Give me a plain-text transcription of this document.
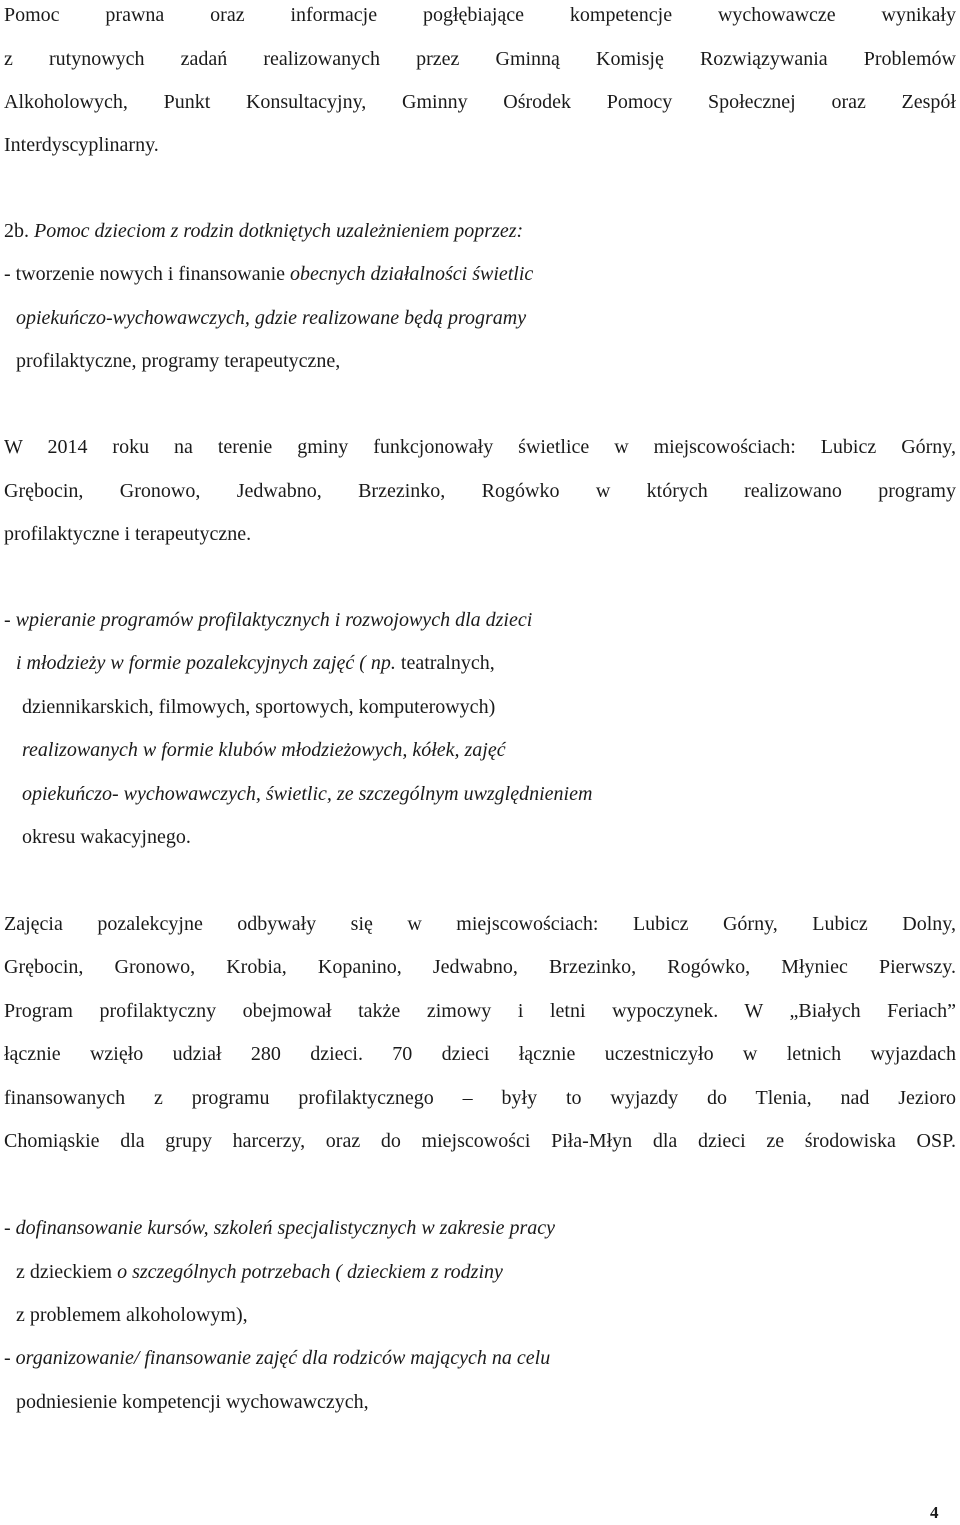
Pomoc prawna oraz informacje pogłębiające kompetencje wychowawcze wynikały
z rutynowych zadań realizowanych przez Gminną Komisję Rozwiązywania Problemów
Alkoholowych, Punkt Konsultacyjny, Gminny Ośrodek Pomocy Społecznej oraz Zespół
Interdyscyplinarny.
2b. Pomoc dzieciom z rodzin dotkniętych uzależnieniem poprzez:
- tworzenie nowych i finansowanie obecnych działalności świetlic
opiekuńczo-wychowawczych, gdzie realizowane będą programy
profilaktyczne, programy terapeutyczne,
W 2014 roku na terenie gminy funkcjonowały świetlice w miejscowościach: Lubicz Górny,
Grębocin, Gronowo, Jedwabno, Brzezinko, Rogówko w których realizowano programy
profilaktyczne i terapeutyczne.
- wpieranie programów profilaktycznych i rozwojowych dla dzieci
i młodzieży w formie pozalekcyjnych zajęć ( np. teatralnych,
dziennikarskich, filmowych, sportowych, komputerowych)
realizowanych w formie klubów młodzieżowych, kółek, zajęć
opiekuńczo- wychowawczych, świetlic, ze szczególnym uwzględnieniem
okresu wakacyjnego.
Zajęcia pozalekcyjne odbywały się w miejscowościach: Lubicz Górny, Lubicz Dolny,
Grębocin, Gronowo, Krobia, Kopanino, Jedwabno, Brzezinko, Rogówko, Młyniec Pierwszy.
Program profilaktyczny obejmował także zimowy i letni wypoczynek. W „Białych Feriach”
łącznie wzięło udział 280 dzieci. 70 dzieci łącznie uczestniczyło w letnich wyjazdach
finansowanych z programu profilaktycznego – były to wyjazdy do Tlenia, nad Jezioro
Chomiąskie dla grupy harcerzy, oraz do miejscowości Piła-Młyn dla dzieci ze środowiska OSP.
- dofinansowanie kursów, szkoleń specjalistycznych w zakresie pracy
z dzieckiem o szczególnych potrzebach ( dzieckiem z rodziny
z problemem alkoholowym),
- organizowanie/ finansowanie zajęć dla rodziców mających na celu
podniesienie kompetencji wychowawczych,
4
